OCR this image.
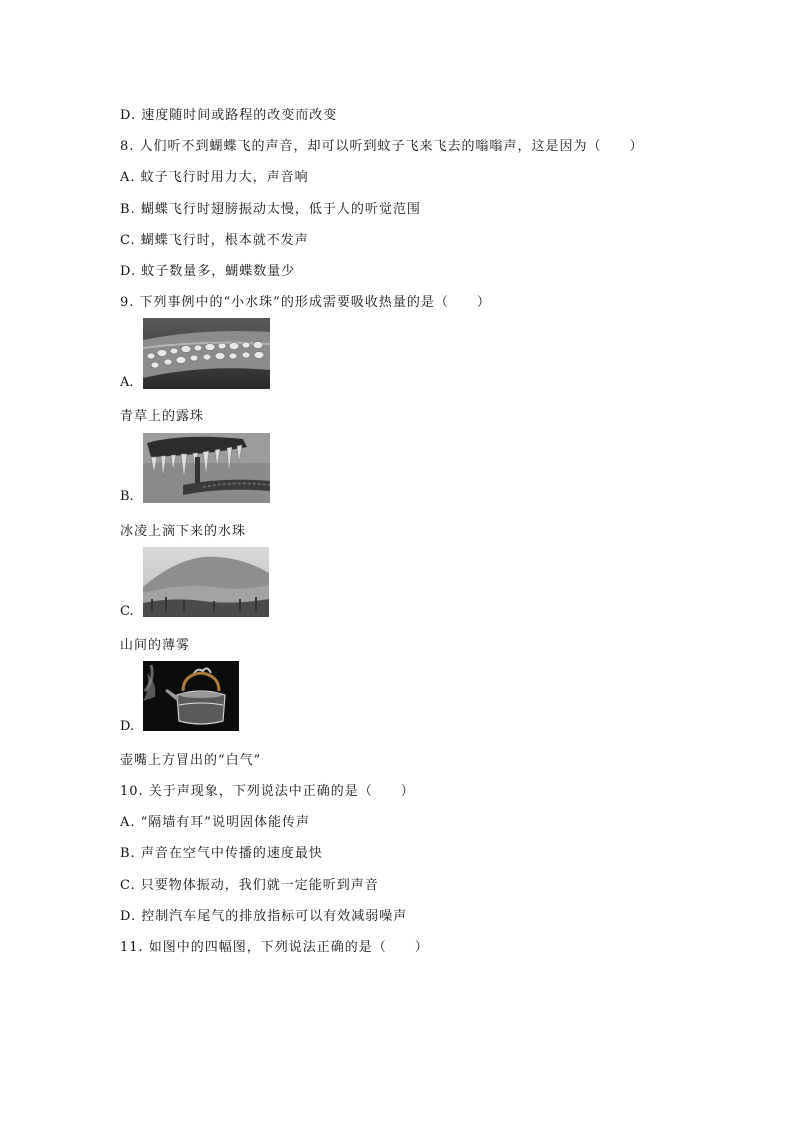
D. 速度随时间或路程的改变而改变
8. 人们听不到蝴蝶飞的声音，却可以听到蚊子飞来飞去的嗡嗡声，这是因为（　　）
A. 蚊子飞行时用力大，声音响
B. 蝴蝶飞行时翅膀振动太慢，低于人的听觉范围
C. 蝴蝶飞行时，根本就不发声
D. 蚊子数量多，蝴蝶数量少
9. 下列事例中的“小水珠”的形成需要吸收热量的是（　　）
A.
青草上的露珠
B.
冰凌上滴下来的水珠
C.
山间的薄雾
D.
壶嘴上方冒出的“白气”
10. 关于声现象，下列说法中正确的是（　　）
A. “隔墙有耳”说明固体能传声
B. 声音在空气中传播的速度最快
C. 只要物体振动，我们就一定能听到声音
D. 控制汽车尾气的排放指标可以有效减弱噪声
11. 如图中的四幅图，下列说法正确的是（　　）
